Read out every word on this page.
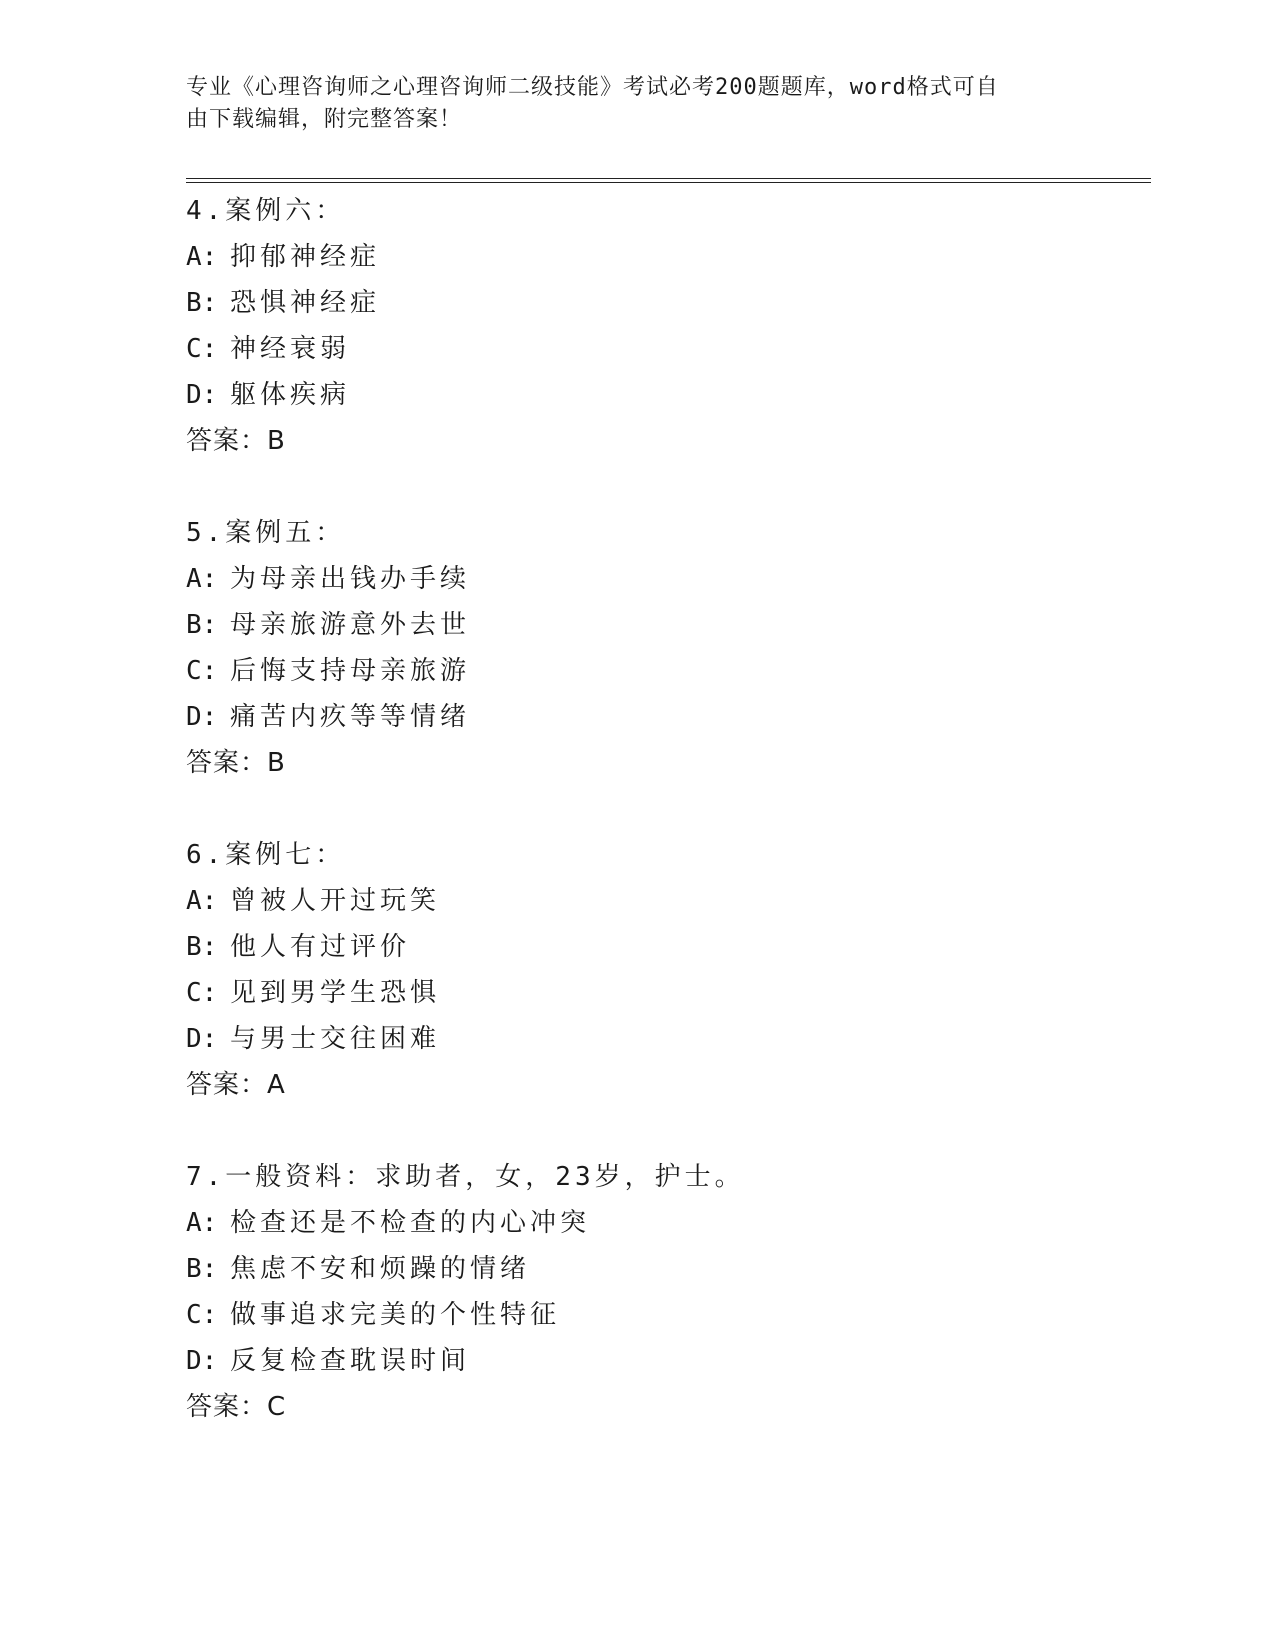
专业《心理咨询师之心理咨询师二级技能》考试必考200题题库，word格式可自
由下载编辑，附完整答案！
4.案例六：
A: 抑郁神经症
B: 恐惧神经症
C: 神经衰弱
D: 躯体疾病
答案：B
5.案例五：
A: 为母亲出钱办手续
B: 母亲旅游意外去世
C: 后悔支持母亲旅游
D: 痛苦内疚等等情绪
答案：B
6.案例七：
A: 曾被人开过玩笑
B: 他人有过评价
C: 见到男学生恐惧
D: 与男士交往困难
答案：A
7.一般资料：求助者，女，23岁，护士。
A: 检查还是不检查的内心冲突
B: 焦虑不安和烦躁的情绪
C: 做事追求完美的个性特征
D: 反复检查耽误时间
答案：C
